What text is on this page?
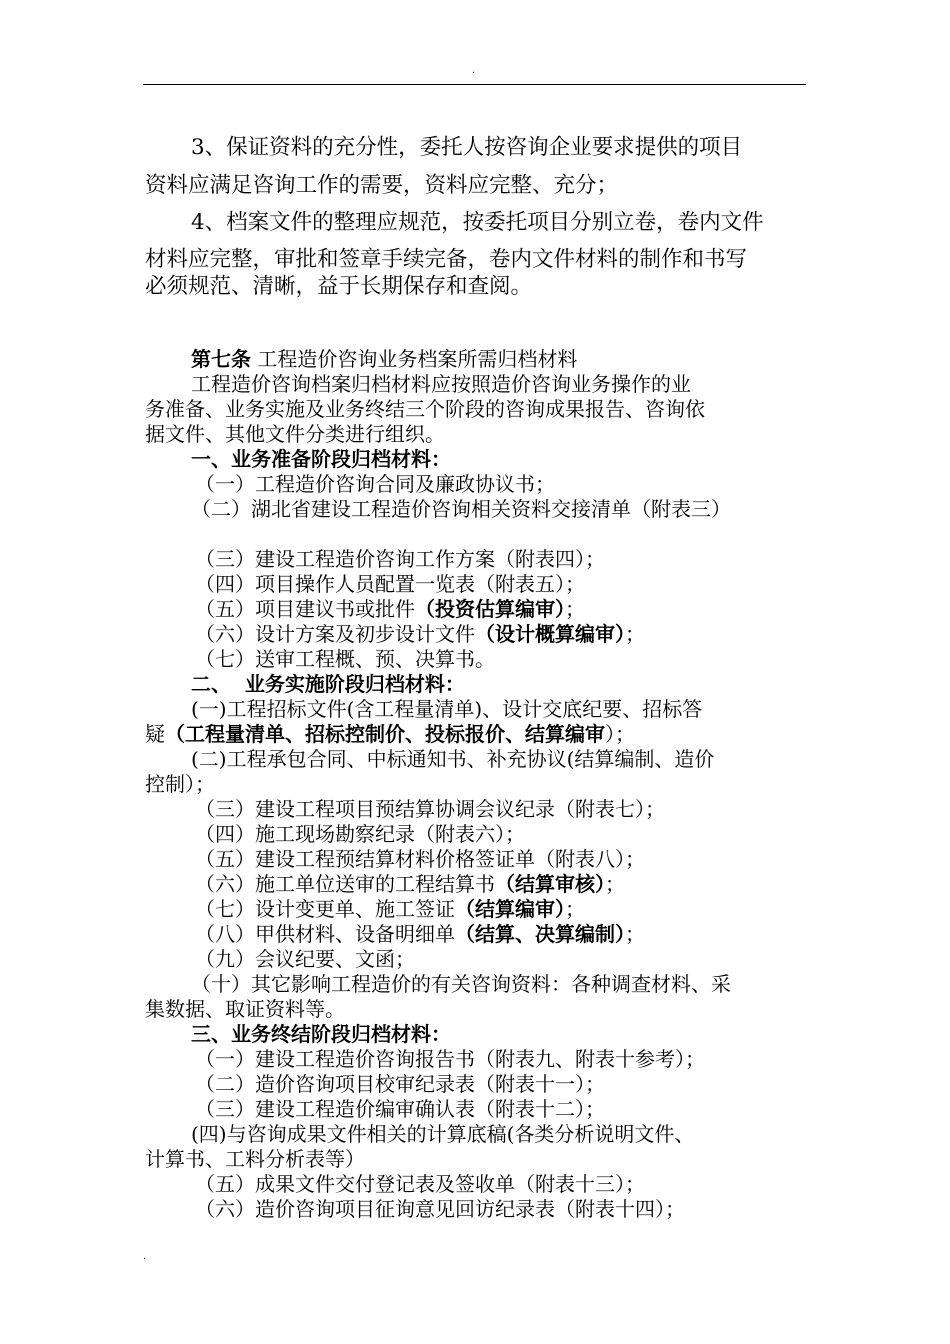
.
3、保证资料的充分性，委托人按咨询企业要求提供的项目
资料应满足咨询工作的需要，资料应完整、充分；
4、档案文件的整理应规范，按委托项目分别立卷，卷内文件
材料应完整，审批和签章手续完备，卷内文件材料的制作和书写
必须规范、清晰，益于长期保存和查阅。
第七条 工程造价咨询业务档案所需归档材料
工程造价咨询档案归档材料应按照造价咨询业务操作的业
务准备、业务实施及业务终结三个阶段的咨询成果报告、咨询依
据文件、其他文件分类进行组织。
一、业务准备阶段归档材料：
（一）工程造价咨询合同及廉政协议书；
（二）湖北省建设工程造价咨询相关资料交接清单（附表三）
（三）建设工程造价咨询工作方案（附表四）；
（四）项目操作人员配置一览表（附表五）；
（五）项目建议书或批件（投资估算编审）；
（六）设计方案及初步设计文件（设计概算编审）；
（七）送审工程概、预、决算书。
二、  业务实施阶段归档材料：
(一)工程招标文件(含工程量清单)、设计交底纪要、招标答
疑（工程量清单、招标控制价、投标报价、结算编审）；
(二)工程承包合同、中标通知书、补充协议(结算编制、造价
控制）；
（三）建设工程项目预结算协调会议纪录（附表七）；
（四）施工现场勘察纪录（附表六）；
（五）建设工程预结算材料价格签证单（附表八）；
（六）施工单位送审的工程结算书（结算审核）；
（七）设计变更单、施工签证（结算编审）；
（八）甲供材料、设备明细单（结算、决算编制）；
（九）会议纪要、文函；
（十）其它影响工程造价的有关咨询资料：各种调查材料、采
集数据、取证资料等。
三、业务终结阶段归档材料：
（一）建设工程造价咨询报告书（附表九、附表十参考）；
（二）造价咨询项目校审纪录表（附表十一）；
（三）建设工程造价编审确认表（附表十二）；
(四)与咨询成果文件相关的计算底稿(各类分析说明文件、
计算书、工料分析表等）
（五）成果文件交付登记表及签收单（附表十三）；
（六）造价咨询项目征询意见回访纪录表（附表十四）；
.
